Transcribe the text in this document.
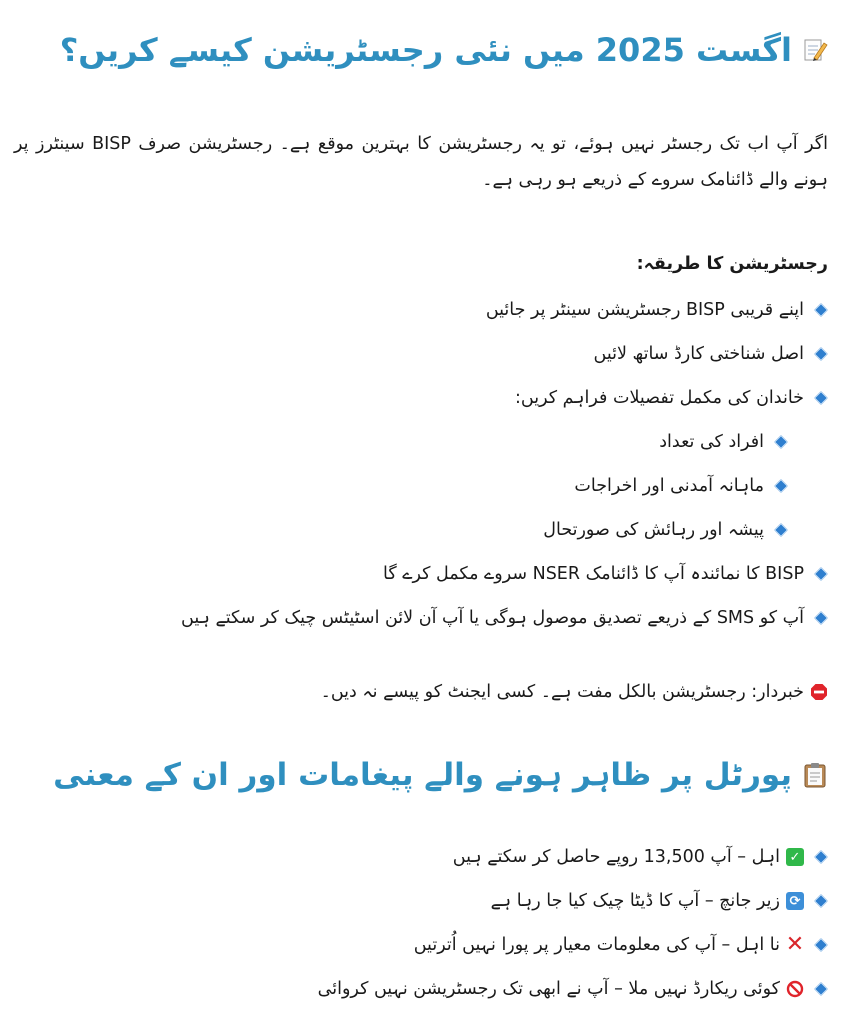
اگست 2025 میں نئی رجسٹریشن کیسے کریں؟

اگر آپ اب تک رجسٹر نہیں ہوئے، تو یہ رجسٹریشن کا بہترین موقع ہے۔ رجسٹریشن صرف BISP سینٹرز پر ہونے والے ڈائنامک سروے کے ذریعے ہو رہی ہے۔

رجسٹریشن کا طریقہ:

اپنے قریبی BISP رجسٹریشن سینٹر پر جائیں
اصل شناختی کارڈ ساتھ لائیں
خاندان کی مکمل تفصیلات فراہم کریں:
افراد کی تعداد
ماہانہ آمدنی اور اخراجات
پیشہ اور رہائش کی صورتحال
BISP کا نمائندہ آپ کا ڈائنامک NSER سروے مکمل کرے گا
آپ کو SMS کے ذریعے تصدیق موصول ہوگی یا آپ آن لائن اسٹیٹس چیک کر سکتے ہیں
خبردار: رجسٹریشن بالکل مفت ہے۔ کسی ایجنٹ کو پیسے نہ دیں۔
پورٹل پر ظاہر ہونے والے پیغامات اور ان کے معنی
✓
اہل – آپ 13,500 روپے حاصل کر سکتے ہیں
⟳
زیر جانچ – آپ کا ڈیٹا چیک کیا جا رہا ہے
✕
نا اہل – آپ کی معلومات معیار پر پورا نہیں اُترتیں
کوئی ریکارڈ نہیں ملا – آپ نے ابھی تک رجسٹریشن نہیں کروائی
